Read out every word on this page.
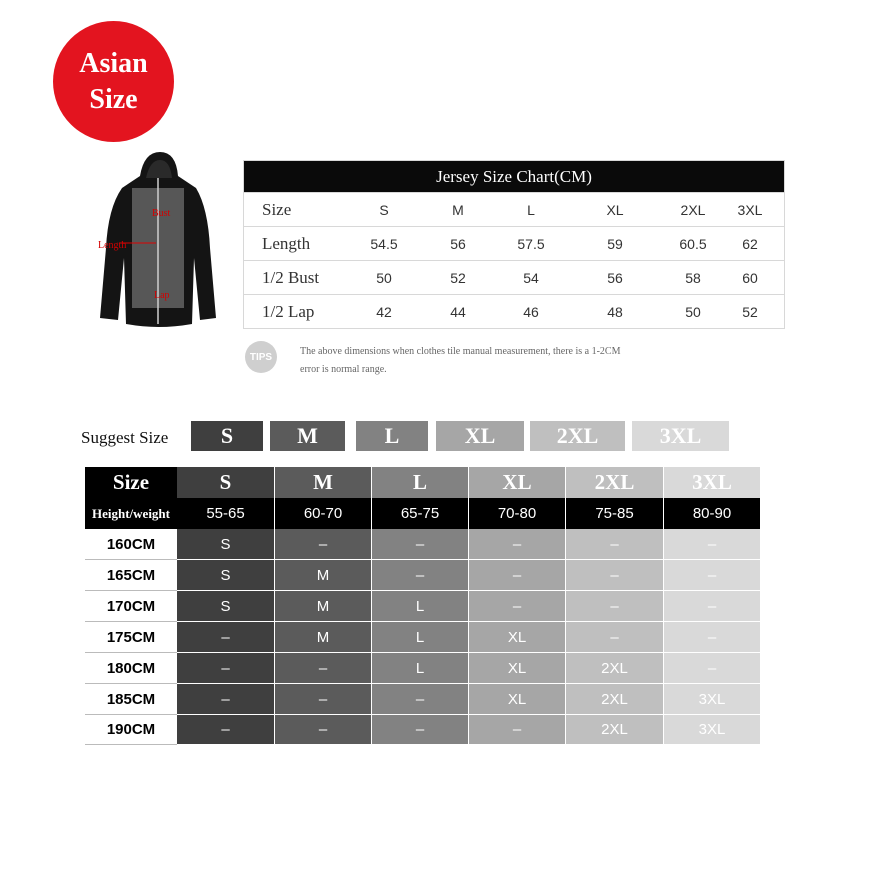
Asian
Size
Bust
Length
Lap
Jersey Size Chart(CM)
Size	S	M	L	XL	2XL	3XL
Length	54.5	56	57.5	59	60.5	62
1/2 Bust	50	52	54	56	58	60
1/2 Lap	42	44	46	48	50	52
TIPS	The above dimensions when clothes tile manual measurement, there is a 1-2CM
error is normal range.
Suggest Size	S	M	L	XL	2XL	3XL
Size	S	M	L	XL	2XL	3XL
Height/weight	55-65	60-70	65-75	70-80	75-85	80-90
160CM	S	–	–	–	–	–
165CM	S	M	–	–	–	–
170CM	S	M	L	–	–	–
175CM	–	M	L	XL	–	–
180CM	–	–	L	XL	2XL	–
185CM	–	–	–	XL	2XL	3XL
190CM	–	–	–	–	2XL	3XL
